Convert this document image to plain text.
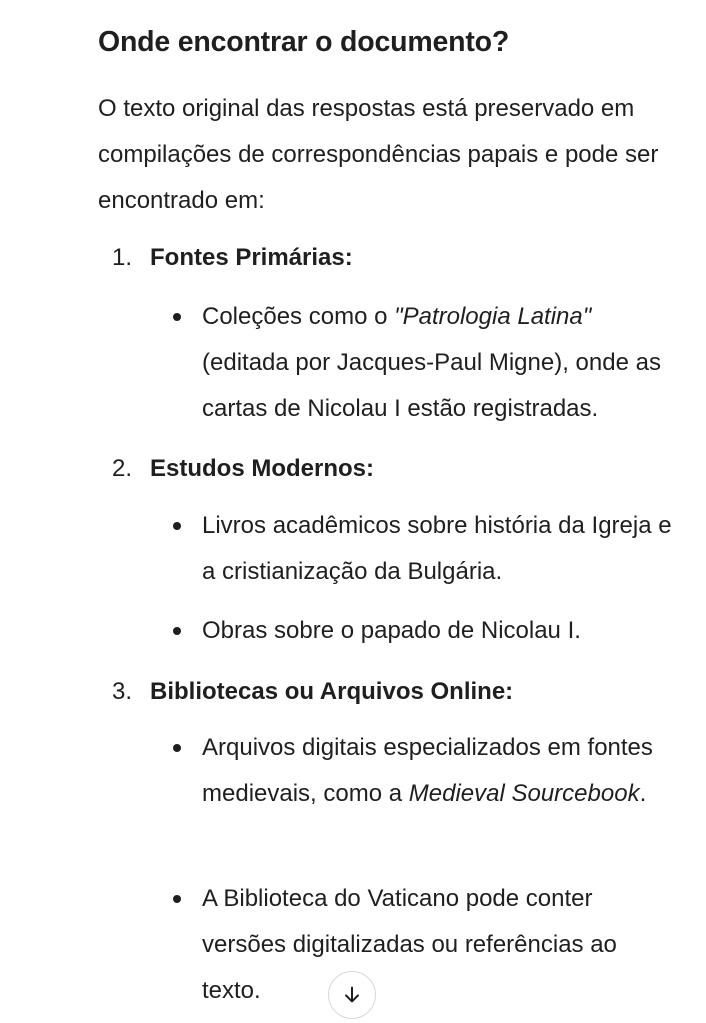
Onde encontrar o documento?

O texto original das respostas está preservado em compilações de correspondências papais e pode ser encontrado em:

1. Fontes Primárias:
Coleções como o "Patrologia Latina" (editada por Jacques-Paul Migne), onde as cartas de Nicolau I estão registradas.
2. Estudos Modernos:
Livros acadêmicos sobre história da Igreja e a cristianização da Bulgária.
Obras sobre o papado de Nicolau I.
3. Bibliotecas ou Arquivos Online:
Arquivos digitais especializados em fontes medievais, como a Medieval Sourcebook.
A Biblioteca do Vaticano pode conter versões digitalizadas ou referências ao texto.
